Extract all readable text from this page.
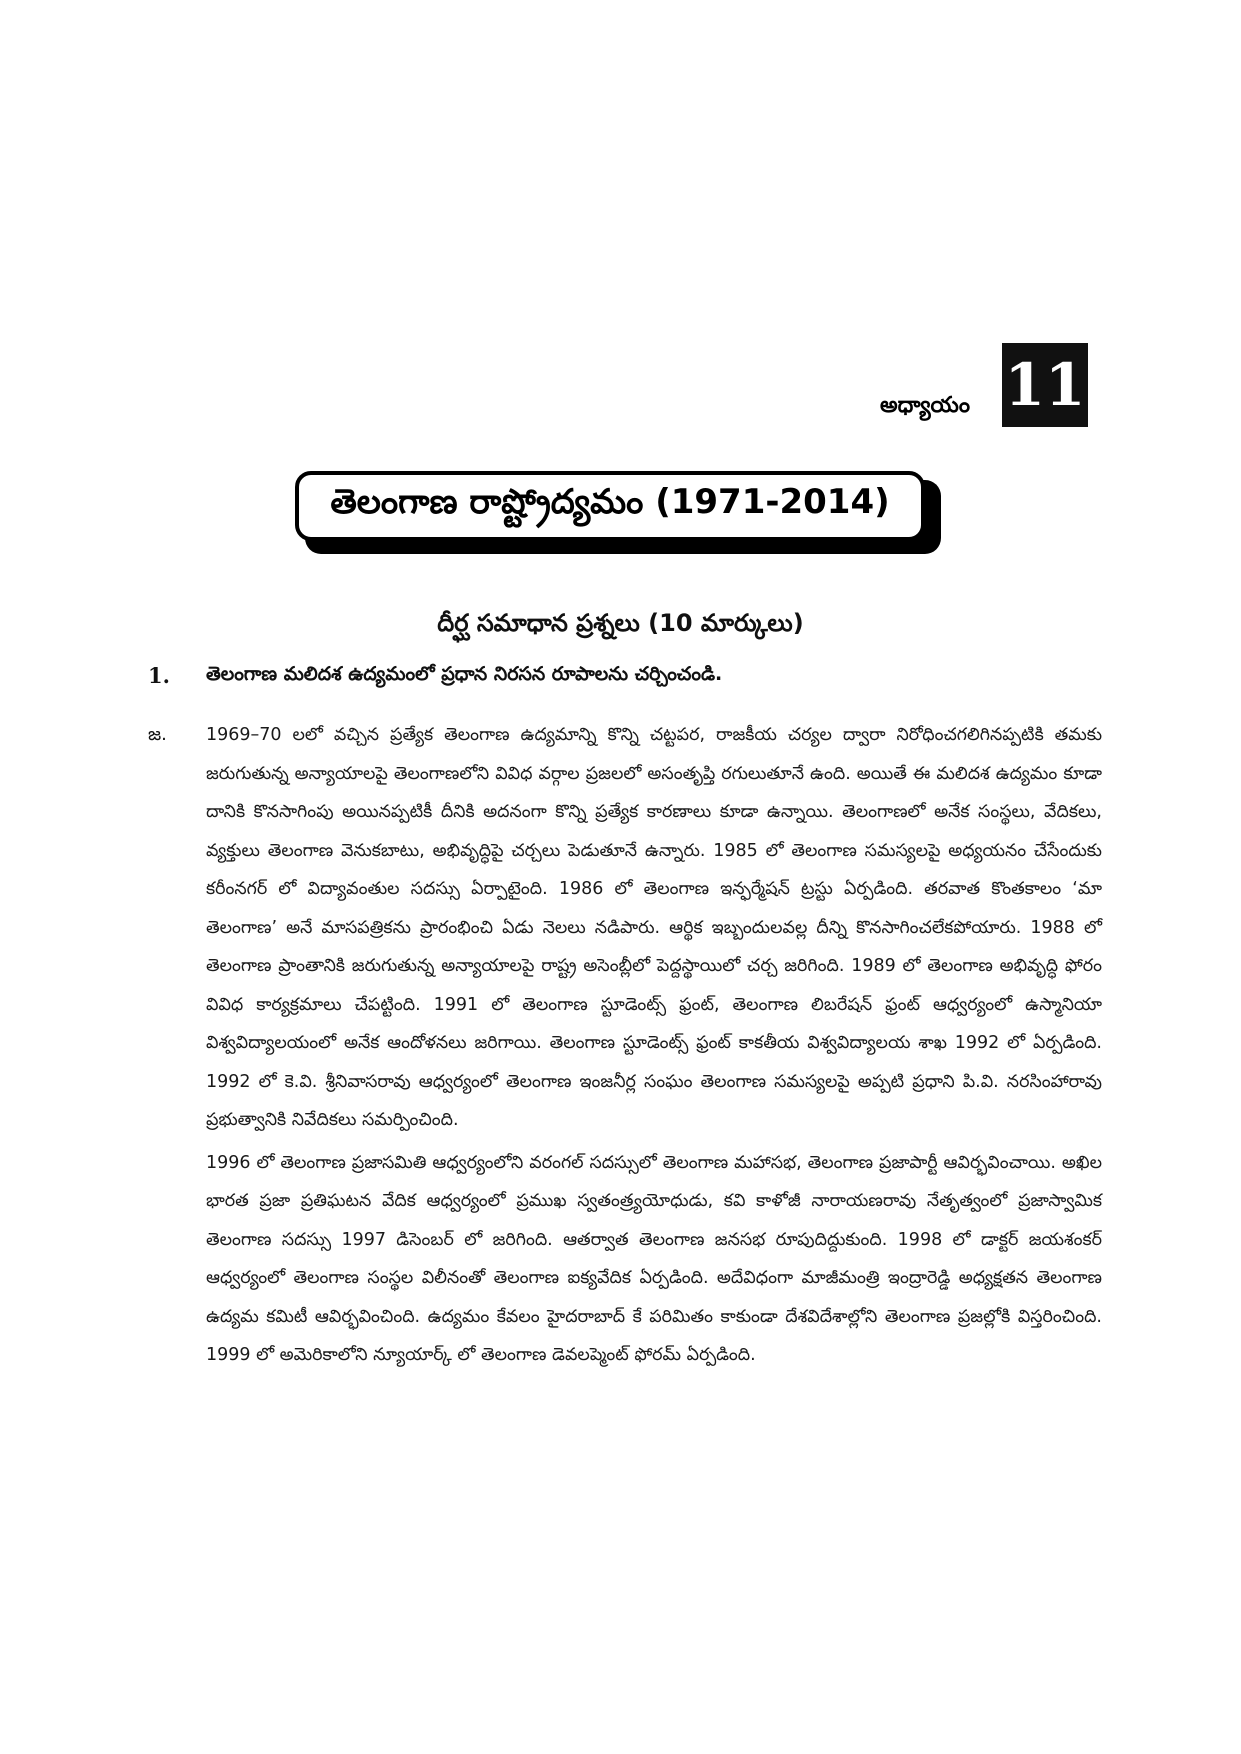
అధ్యాయం 11
తెలంగాణ రాష్ట్రోద్యమం (1971-2014)
దీర్ఘ సమాధాన ప్రశ్నలు (10 మార్కులు)
1.	తెలంగాణ మలిదశ ఉద్యమంలో ప్రధాన నిరసన రూపాలను చర్చించండి.
జ.	1969–70 లలో వచ్చిన ప్రత్యేక తెలంగాణ ఉద్యమాన్ని కొన్ని చట్టపర, రాజకీయ చర్యల ద్వారా నిరోధించగలిగినప్పటికి తమకు జరుగుతున్న అన్యాయాలపై తెలంగాణలోని వివిధ వర్గాల ప్రజలలో అసంతృప్తి రగులుతూనే ఉంది. అయితే ఈ మలిదశ ఉద్యమం కూడా దానికి కొనసాగింపు అయినప్పటికీ దీనికి అదనంగా కొన్ని ప్రత్యేక కారణాలు కూడా ఉన్నాయి. తెలంగాణలో అనేక సంస్థలు, వేదికలు, వ్యక్తులు తెలంగాణ వెనుకబాటు, అభివృద్ధిపై చర్చలు పెడుతూనే ఉన్నారు. 1985 లో తెలంగాణ సమస్యలపై అధ్యయనం చేసేందుకు కరీంనగర్ లో విద్యావంతుల సదస్సు ఏర్పాటైంది. 1986 లో తెలంగాణ ఇన్ఫర్మేషన్ ట్రస్టు ఏర్పడింది. తరవాత కొంతకాలం ‘మా తెలంగాణ’ అనే మాసపత్రికను ప్రారంభించి ఏడు నెలలు నడిపారు. ఆర్థిక ఇబ్బందులవల్ల దీన్ని కొనసాగించలేకపోయారు. 1988 లో తెలంగాణ ప్రాంతానికి జరుగుతున్న అన్యాయాలపై రాష్ట్ర అసెంబ్లీలో పెద్దస్థాయిలో చర్చ జరిగింది. 1989 లో తెలంగాణ అభివృద్ధి ఫోరం వివిధ కార్యక్రమాలు చేపట్టింది. 1991 లో తెలంగాణ స్టూడెంట్స్ ఫ్రంట్, తెలంగాణ లిబరేషన్ ఫ్రంట్ ఆధ్వర్యంలో ఉస్మానియా విశ్వవిద్యాలయంలో అనేక ఆందోళనలు జరిగాయి. తెలంగాణ స్టూడెంట్స్ ఫ్రంట్ కాకతీయ విశ్వవిద్యాలయ శాఖ 1992 లో ఏర్పడింది. 1992 లో కె.వి. శ్రీనివాసరావు ఆధ్వర్యంలో తెలంగాణ ఇంజనీర్ల సంఘం తెలంగాణ సమస్యలపై అప్పటి ప్రధాని పి.వి. నరసింహారావు ప్రభుత్వానికి నివేదికలు సమర్పించింది.

1996 లో తెలంగాణ ప్రజాసమితి ఆధ్వర్యంలోని వరంగల్ సదస్సులో తెలంగాణ మహాసభ, తెలంగాణ ప్రజాపార్టీ ఆవిర్భవించాయి. అఖిల భారత ప్రజా ప్రతిఘటన వేదిక ఆధ్వర్యంలో ప్రముఖ స్వతంత్ర్యయోధుడు, కవి కాళోజీ నారాయణరావు నేతృత్వంలో ప్రజాస్వామిక తెలంగాణ సదస్సు 1997 డిసెంబర్ లో జరిగింది. ఆతర్వాత తెలంగాణ జనసభ రూపుదిద్దుకుంది. 1998 లో డాక్టర్ జయశంకర్ ఆధ్వర్యంలో తెలంగాణ సంస్థల విలీనంతో తెలంగాణ ఐక్యవేదిక ఏర్పడింది. అదేవిధంగా మాజీమంత్రి ఇంద్రారెడ్డి అధ్యక్షతన తెలంగాణ ఉద్యమ కమిటీ ఆవిర్భవించింది. ఉద్యమం కేవలం హైదరాబాద్ కే పరిమితం కాకుండా దేశవిదేశాల్లోని తెలంగాణ ప్రజల్లోకి విస్తరించింది. 1999 లో అమెరికాలోని న్యూయార్క్ లో తెలంగాణ డెవలప్మెంట్ ఫోరమ్ ఏర్పడింది.
